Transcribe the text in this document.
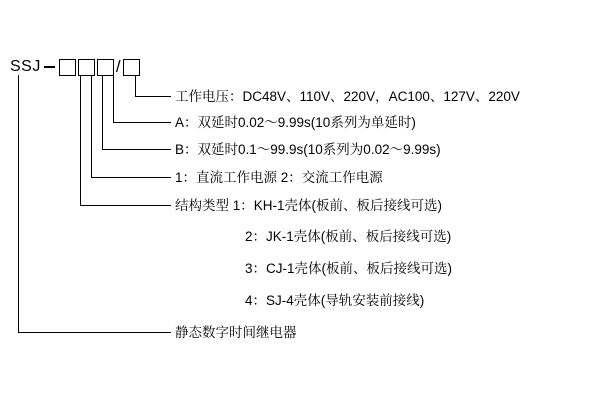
SSJ	/
工作电压：DC48V、110V、220V，AC100、127V、220V
A：双延时0.02～9.99s(10系列为单延时)
B：双延时0.1～99.9s(10系列为0.02～9.99s)
1：直流工作电源 2：交流工作电源
结构类型 1：KH-1壳体(板前、板后接线可选)
2：JK-1壳体(板前、板后接线可选)
3：CJ-1壳体(板前、板后接线可选)
4：SJ-4壳体(导轨安装前接线)
静态数字时间继电器
